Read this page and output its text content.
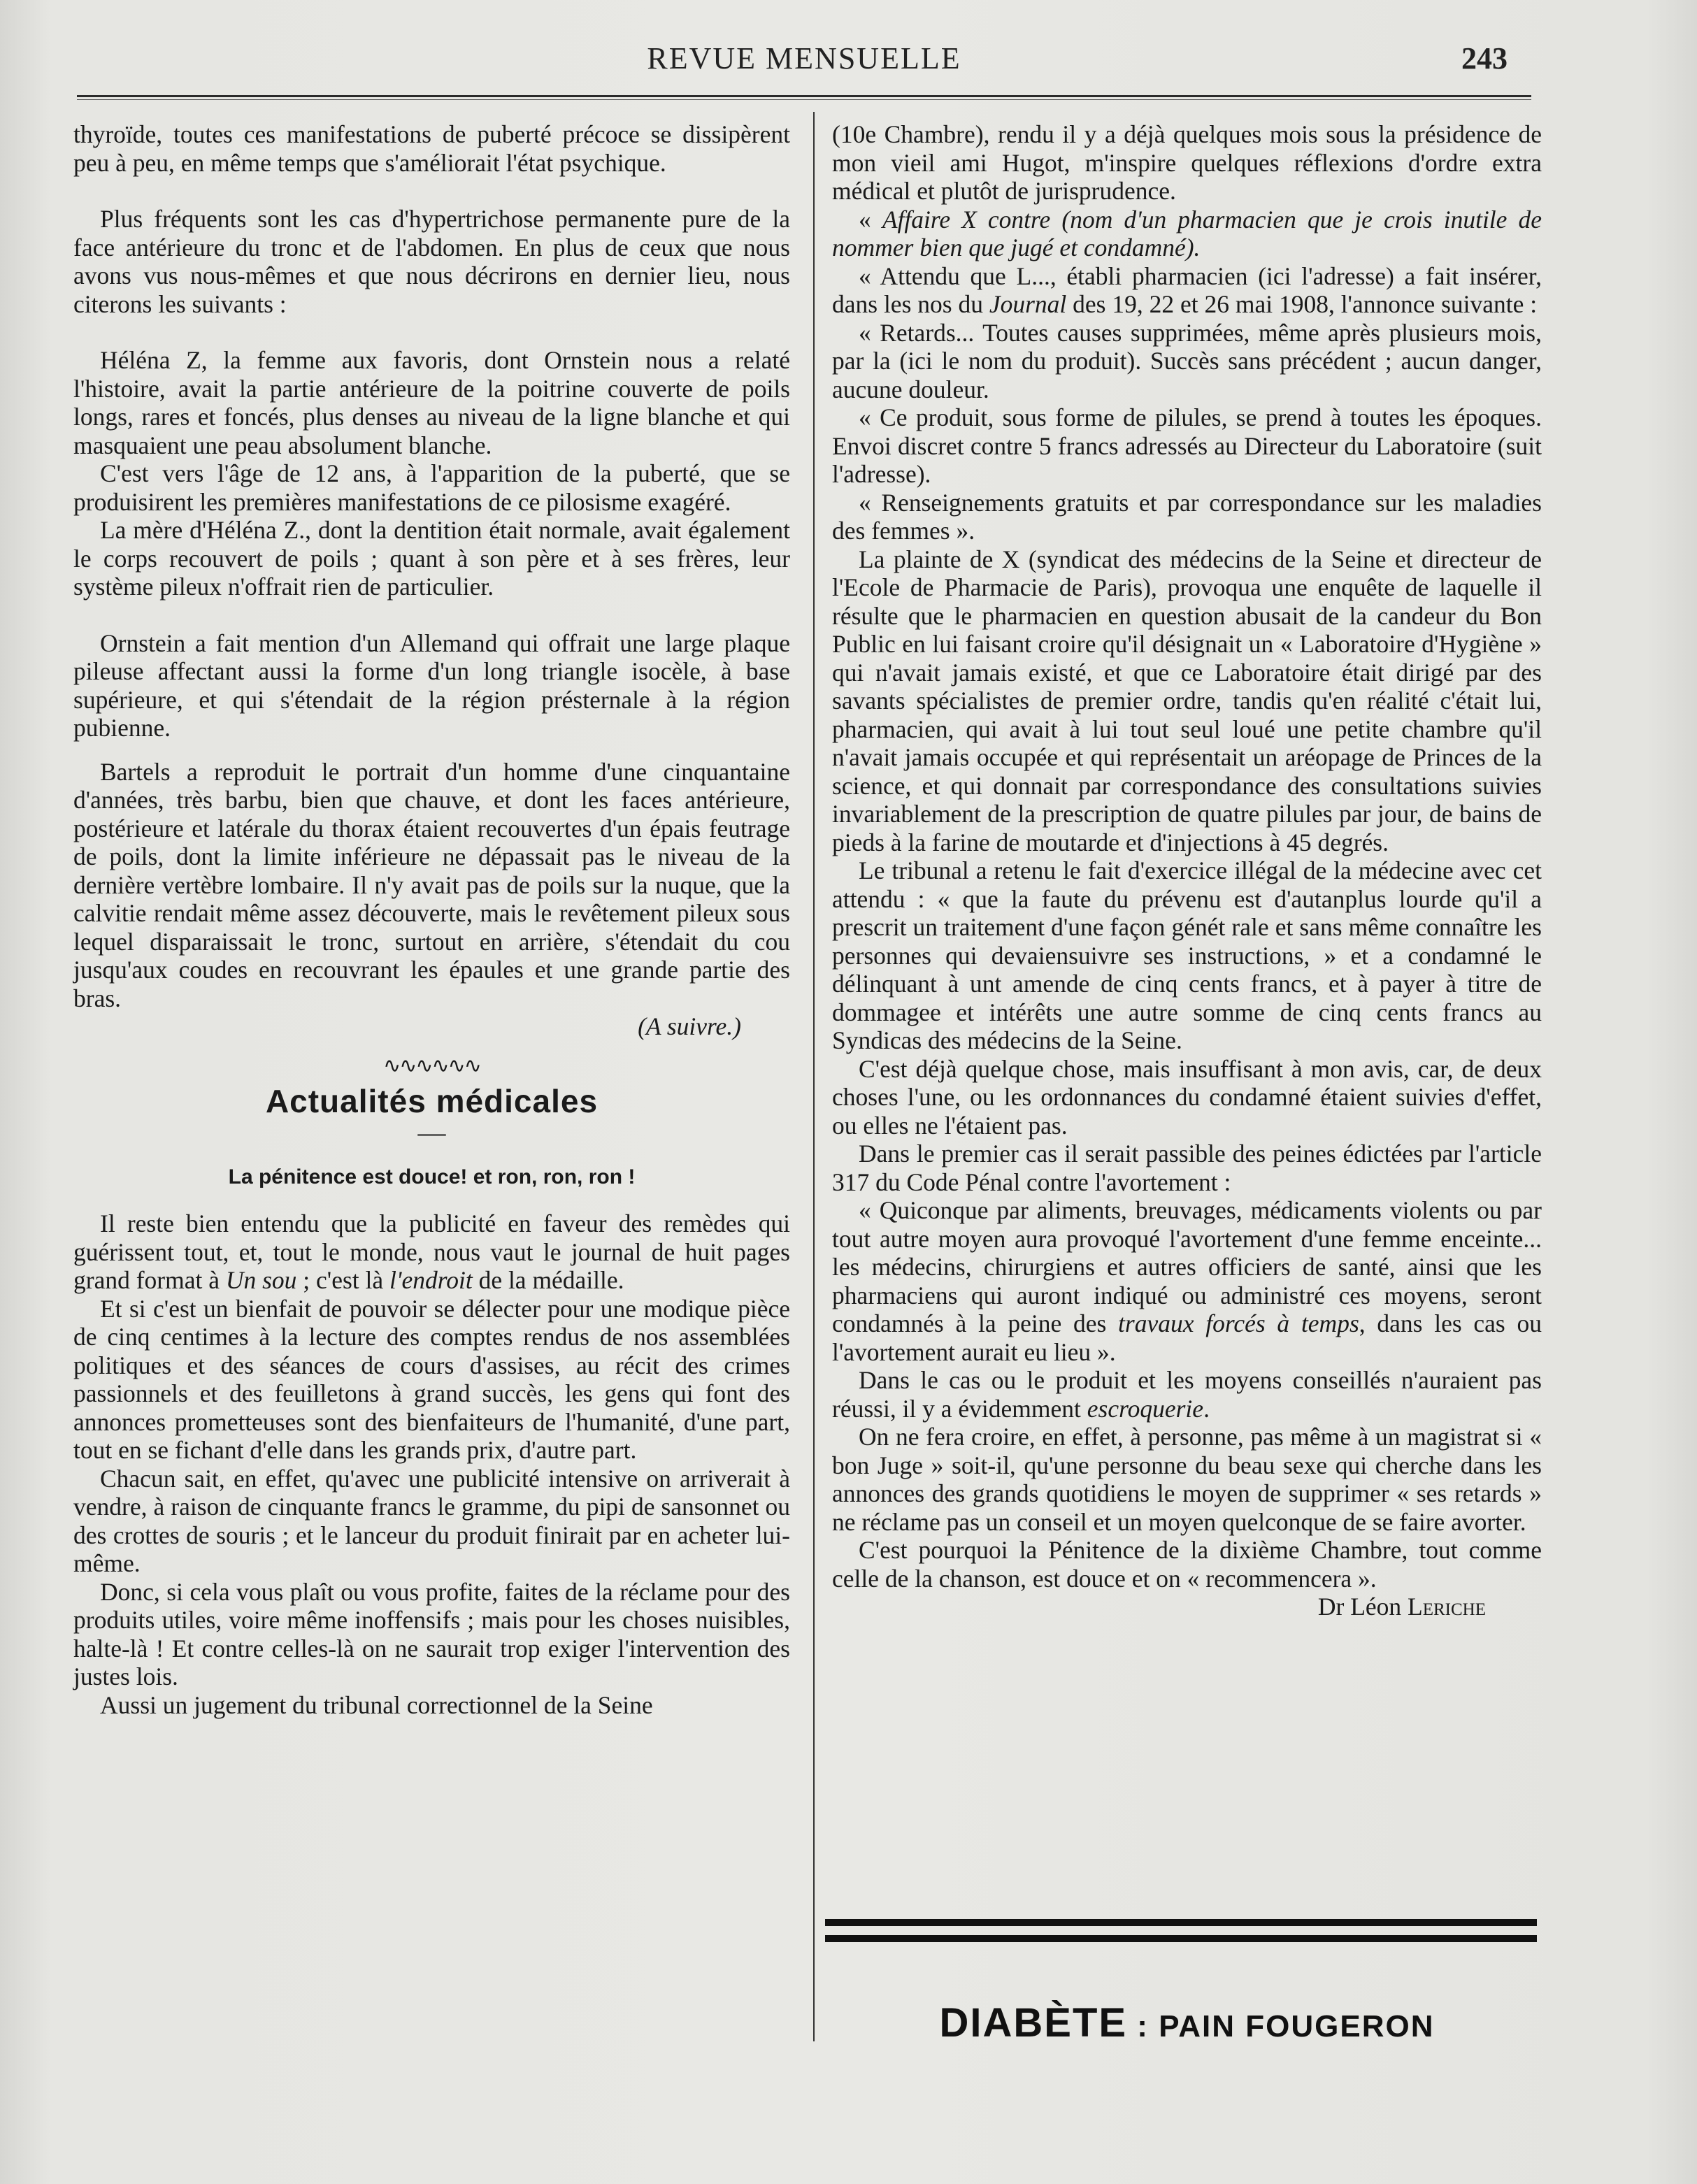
REVUE MENSUELLE	243

thyroïde, toutes ces manifestations de puberté précoce se dissipèrent peu à peu, en même temps que s'améliorait l'état psychique.

Plus fréquents sont les cas d'hypertrichose permanente pure de la face antérieure du tronc et de l'abdomen. En plus de ceux que nous avons vus nous-mêmes et que nous décrirons en dernier lieu, nous citerons les suivants :

Héléna Z, la femme aux favoris, dont Ornstein nous a relaté l'histoire, avait la partie antérieure de la poitrine couverte de poils longs, rares et foncés, plus denses au niveau de la ligne blanche et qui masquaient une peau absolument blanche.

C'est vers l'âge de 12 ans, à l'apparition de la puberté, que se produisirent les premières manifestations de ce pilosisme exagéré.

La mère d'Héléna Z., dont la dentition était normale, avait également le corps recouvert de poils ; quant à son père et à ses frères, leur système pileux n'offrait rien de particulier.

Ornstein a fait mention d'un Allemand qui offrait une large plaque pileuse affectant aussi la forme d'un long triangle isocèle, à base supérieure, et qui s'étendait de la région présternale à la région pubienne.

Bartels a reproduit le portrait d'un homme d'une cinquantaine d'années, très barbu, bien que chauve, et dont les faces antérieure, postérieure et latérale du thorax étaient recouvertes d'un épais feutrage de poils, dont la limite inférieure ne dépassait pas le niveau de la dernière vertèbre lombaire. Il n'y avait pas de poils sur la nuque, que la calvitie rendait même assez découverte, mais le revêtement pileux sous lequel disparaissait le tronc, surtout en arrière, s'étendait du cou jusqu'aux coudes en recouvrant les épaules et une grande partie des bras.

(A suivre.)

∿∿∿∿∿∿
Actualités médicales
—
La pénitence est douce! et ron, ron, ron !

Il reste bien entendu que la publicité en faveur des remèdes qui guérissent tout, et, tout le monde, nous vaut le journal de huit pages grand format à Un sou ; c'est là l'endroit de la médaille.

Et si c'est un bienfait de pouvoir se délecter pour une modique pièce de cinq centimes à la lecture des comptes rendus de nos assemblées politiques et des séances de cours d'assises, au récit des crimes passionnels et des feuilletons à grand succès, les gens qui font des annonces prometteuses sont des bienfaiteurs de l'humanité, d'une part, tout en se fichant d'elle dans les grands prix, d'autre part.

Chacun sait, en effet, qu'avec une publicité intensive on arriverait à vendre, à raison de cinquante francs le gramme, du pipi de sansonnet ou des crottes de souris ; et le lanceur du produit finirait par en acheter lui-même.

Donc, si cela vous plaît ou vous profite, faites de la réclame pour des produits utiles, voire même inoffensifs ; mais pour les choses nuisibles, halte-là ! Et contre celles-là on ne saurait trop exiger l'intervention des justes lois.

Aussi un jugement du tribunal correctionnel de la Seine

(10e Chambre), rendu il y a déjà quelques mois sous la présidence de mon vieil ami Hugot, m'inspire quelques réflexions d'ordre extra médical et plutôt de jurisprudence.

« Affaire X contre (nom d'un pharmacien que je crois inutile de nommer bien que jugé et condamné).

« Attendu que L..., établi pharmacien (ici l'adresse) a fait insérer, dans les nos du Journal des 19, 22 et 26 mai 1908, l'annonce suivante :

« Retards... Toutes causes supprimées, même après plusieurs mois, par la (ici le nom du produit). Succès sans précédent ; aucun danger, aucune douleur.

« Ce produit, sous forme de pilules, se prend à toutes les époques. Envoi discret contre 5 francs adressés au Directeur du Laboratoire (suit l'adresse).

« Renseignements gratuits et par correspondance sur les maladies des femmes ».

La plainte de X (syndicat des médecins de la Seine et directeur de l'Ecole de Pharmacie de Paris), provoqua une enquête de laquelle il résulte que le pharmacien en question abusait de la candeur du Bon Public en lui faisant croire qu'il désignait un « Laboratoire d'Hygiène » qui n'avait jamais existé, et que ce Laboratoire était dirigé par des savants spécialistes de premier ordre, tandis qu'en réalité c'était lui, pharmacien, qui avait à lui tout seul loué une petite chambre qu'il n'avait jamais occupée et qui représentait un aréopage de Princes de la science, et qui donnait par correspondance des consultations suivies invariablement de la prescription de quatre pilules par jour, de bains de pieds à la farine de moutarde et d'injections à 45 degrés.

Le tribunal a retenu le fait d'exercice illégal de la médecine avec cet attendu : « que la faute du prévenu est d'autanplus lourde qu'il a prescrit un traitement d'une façon génét rale et sans même connaître les personnes qui devaiensuivre ses instructions, » et a condamné le délinquant à unt amende de cinq cents francs, et à payer à titre de dommagee et intérêts une autre somme de cinq cents francs au Syndicas des médecins de la Seine.

C'est déjà quelque chose, mais insuffisant à mon avis, car, de deux choses l'une, ou les ordonnances du condamné étaient suivies d'effet, ou elles ne l'étaient pas.

Dans le premier cas il serait passible des peines édictées par l'article 317 du Code Pénal contre l'avortement :

« Quiconque par aliments, breuvages, médicaments violents ou par tout autre moyen aura provoqué l'avortement d'une femme enceinte... les médecins, chirurgiens et autres officiers de santé, ainsi que les pharmaciens qui auront indiqué ou administré ces moyens, seront condamnés à la peine des travaux forcés à temps, dans les cas ou l'avortement aurait eu lieu ».

Dans le cas ou le produit et les moyens conseillés n'auraient pas réussi, il y a évidemment escroquerie.

On ne fera croire, en effet, à personne, pas même à un magistrat si « bon Juge » soit-il, qu'une personne du beau sexe qui cherche dans les annonces des grands quotidiens le moyen de supprimer « ses retards » ne réclame pas un conseil et un moyen quelconque de se faire avorter.

C'est pourquoi la Pénitence de la dixième Chambre, tout comme celle de la chanson, est douce et on « recommencera ».

Dr Léon Leriche

DIABÈTE : PAIN FOUGERON
